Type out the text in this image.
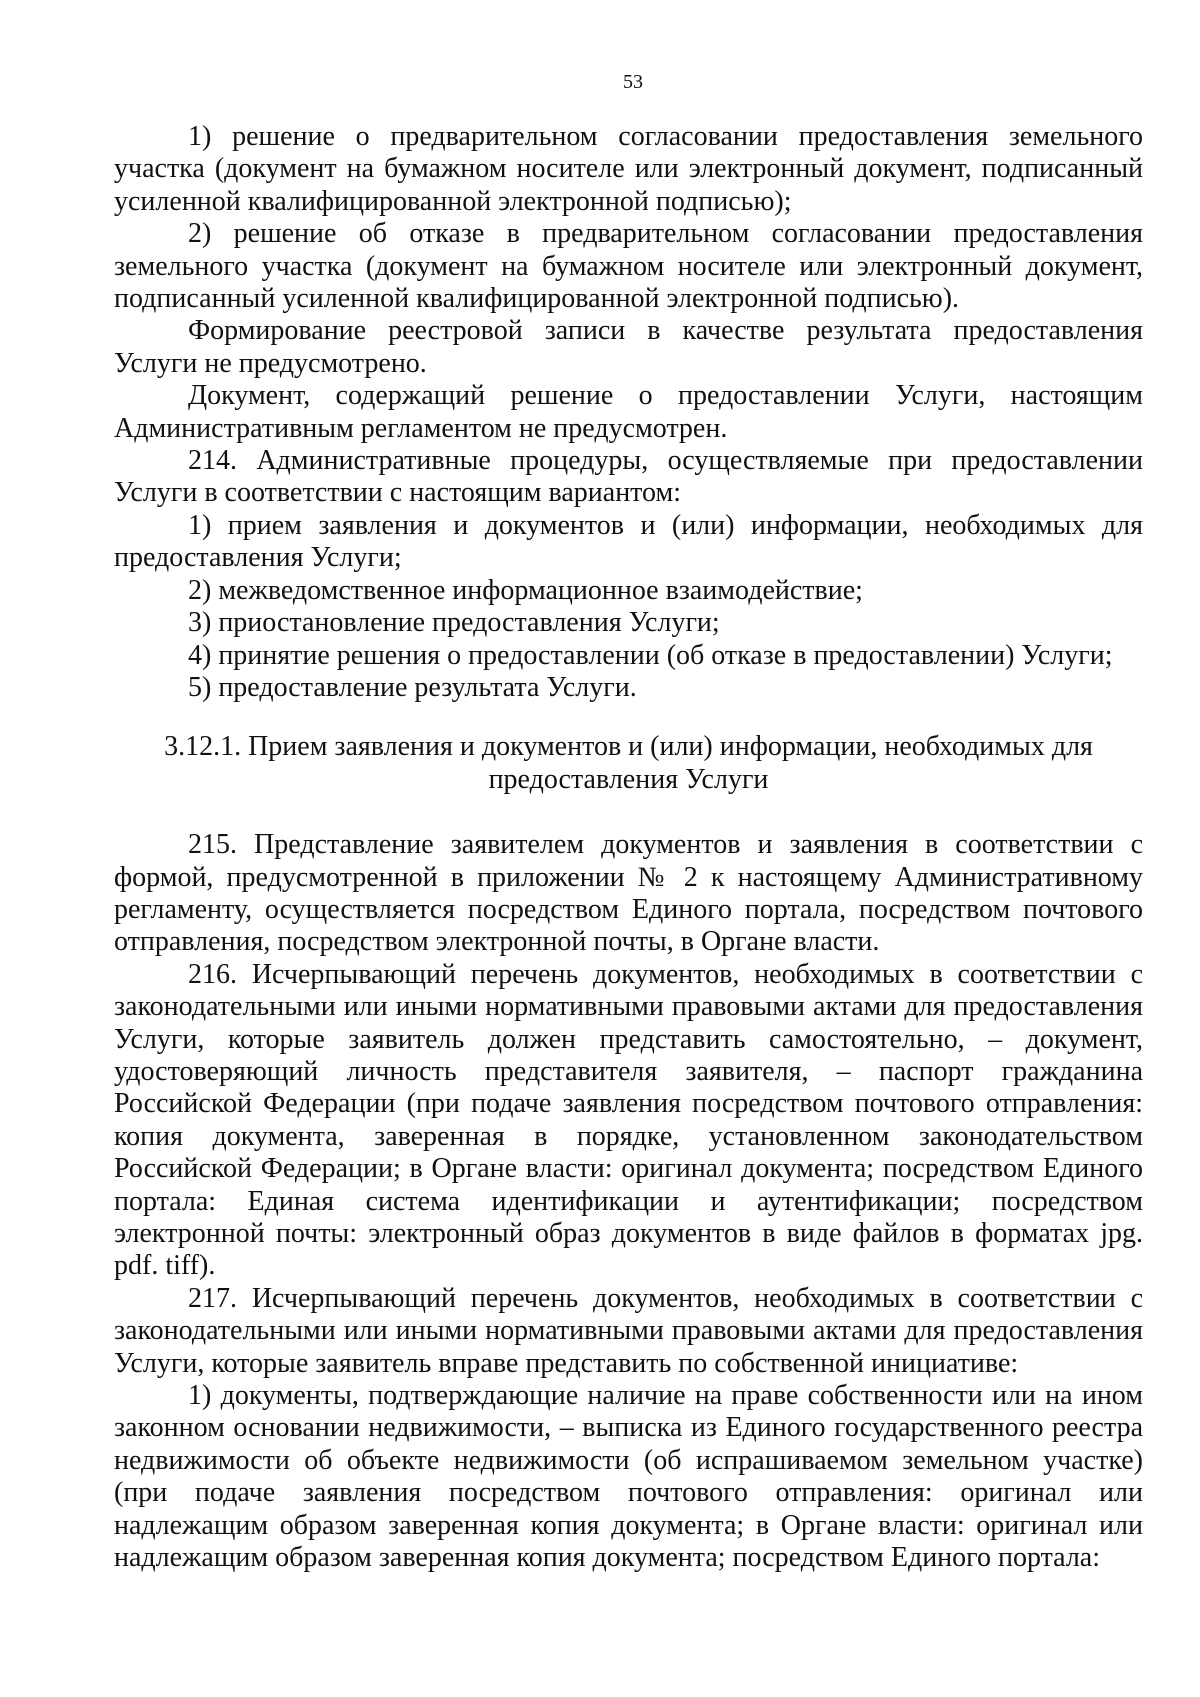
53

1) решение о предварительном согласовании предоставления земельного участка (документ на бумажном носителе или электронный документ, подписанный усиленной квалифицированной электронной подписью);

2) решение об отказе в предварительном согласовании предоставления земельного участка (документ на бумажном носителе или электронный документ, подписанный усиленной квалифицированной электронной подписью).

Формирование реестровой записи в качестве результата предоставления Услуги не предусмотрено.

Документ, содержащий решение о предоставлении Услуги, настоящим Административным регламентом не предусмотрен.

214. Административные процедуры, осуществляемые при предоставлении Услуги в соответствии с настоящим вариантом:

1) прием заявления и документов и (или) информации, необходимых для предоставления Услуги;

2) межведомственное информационное взаимодействие;

3) приостановление предоставления Услуги;

4) принятие решения о предоставлении (об отказе в предоставлении) Услуги;

5) предоставление результата Услуги.

3.12.1. Прием заявления и документов и (или) информации, необходимых для предоставления Услуги

215. Представление заявителем документов и заявления в соответствии с формой, предусмотренной в приложении № 2 к настоящему Административному регламенту, осуществляется посредством Единого портала, посредством почтового отправления, посредством электронной почты, в Органе власти.

216. Исчерпывающий перечень документов, необходимых в соответствии с законодательными или иными нормативными правовыми актами для предоставления Услуги, которые заявитель должен представить самостоятельно, – документ, удостоверяющий личность представителя заявителя, – паспорт гражданина Российской Федерации (при подаче заявления посредством почтового отправления: копия документа, заверенная в порядке, установленном законодательством Российской Федерации; в Органе власти: оригинал документа; посредством Единого портала: Единая система идентификации и аутентификации; посредством электронной почты: электронный образ документов в виде файлов в форматах jpg. pdf. tiff).

217. Исчерпывающий перечень документов, необходимых в соответствии с законодательными или иными нормативными правовыми актами для предоставления Услуги, которые заявитель вправе представить по собственной инициативе:

1) документы, подтверждающие наличие на праве собственности или на ином законном основании недвижимости, – выписка из Единого государственного реестра недвижимости об объекте недвижимости (об испрашиваемом земельном участке) (при подаче заявления посредством почтового отправления: оригинал или надлежащим образом заверенная копия документа; в Органе власти: оригинал или надлежащим образом заверенная копия документа; посредством Единого портала:
